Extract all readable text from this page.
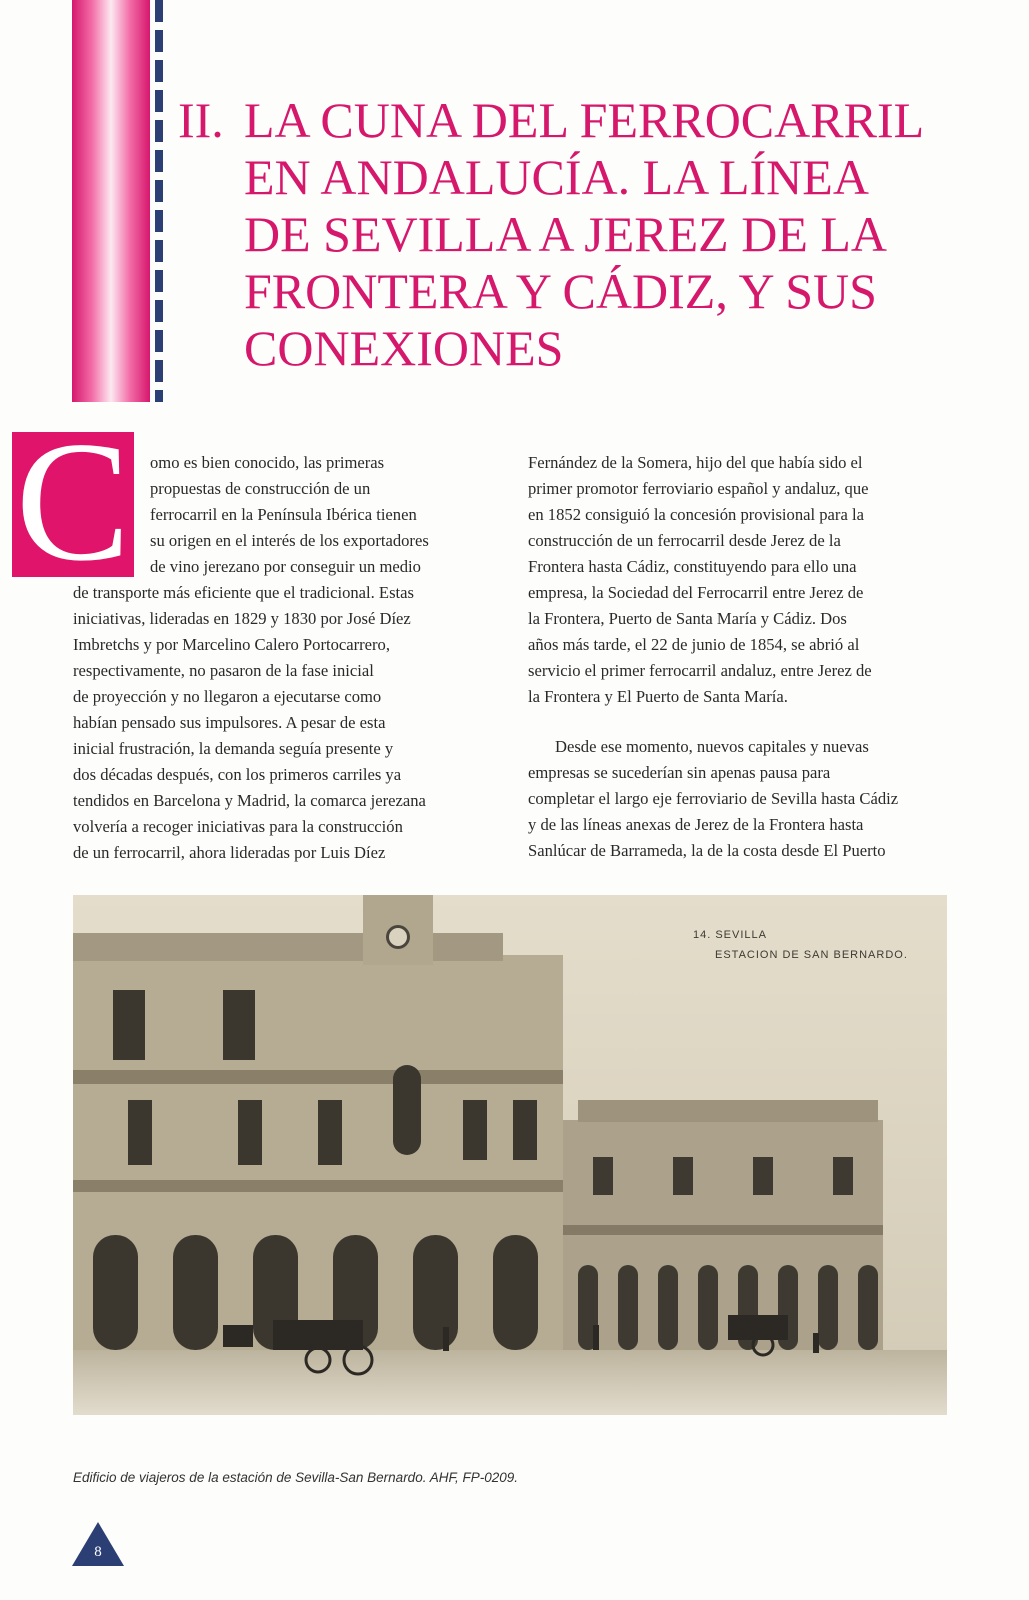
II. LA CUNA DEL FERROCARRIL
EN ANDALUCÍA. LA LÍNEA
DE SEVILLA A JEREZ DE LA
FRONTERA Y CÁDIZ, Y SUS
CONEXIONES
C	omo es bien conocido, las primeras
propuestas de construcción de un
ferrocarril en la Península Ibérica tienen
su origen en el interés de los exportadores
de vino jerezano por conseguir un medio
de transporte más eficiente que el tradicional. Estas
iniciativas, lideradas en 1829 y 1830 por José Díez
Imbretchs y por Marcelino Calero Portocarrero,
respectivamente, no pasaron de la fase inicial
de proyección y no llegaron a ejecutarse como
habían pensado sus impulsores. A pesar de esta
inicial frustración, la demanda seguía presente y
dos décadas después, con los primeros carriles ya
tendidos en Barcelona y Madrid, la comarca jerezana
volvería a recoger iniciativas para la construcción
de un ferrocarril, ahora lideradas por Luis Díez
Fernández de la Somera, hijo del que había sido el
primer promotor ferroviario español y andaluz, que
en 1852 consiguió la concesión provisional para la
construcción de un ferrocarril desde Jerez de la
Frontera hasta Cádiz, constituyendo para ello una
empresa, la Sociedad del Ferrocarril entre Jerez de
la Frontera, Puerto de Santa María y Cádiz. Dos
años más tarde, el 22 de junio de 1854, se abrió al
servicio el primer ferrocarril andaluz, entre Jerez de
la Frontera y El Puerto de Santa María.
Desde ese momento, nuevos capitales y nuevas
empresas se sucederían sin apenas pausa para
completar el largo eje ferroviario de Sevilla hasta Cádiz
y de las líneas anexas de Jerez de la Frontera hasta
Sanlúcar de Barrameda, la de la costa desde El Puerto
14. SEVILLA
ESTACION DE SAN BERNARDO.
Edificio de viajeros de la estación de Sevilla-San Bernardo. AHF, FP-0209.
8
